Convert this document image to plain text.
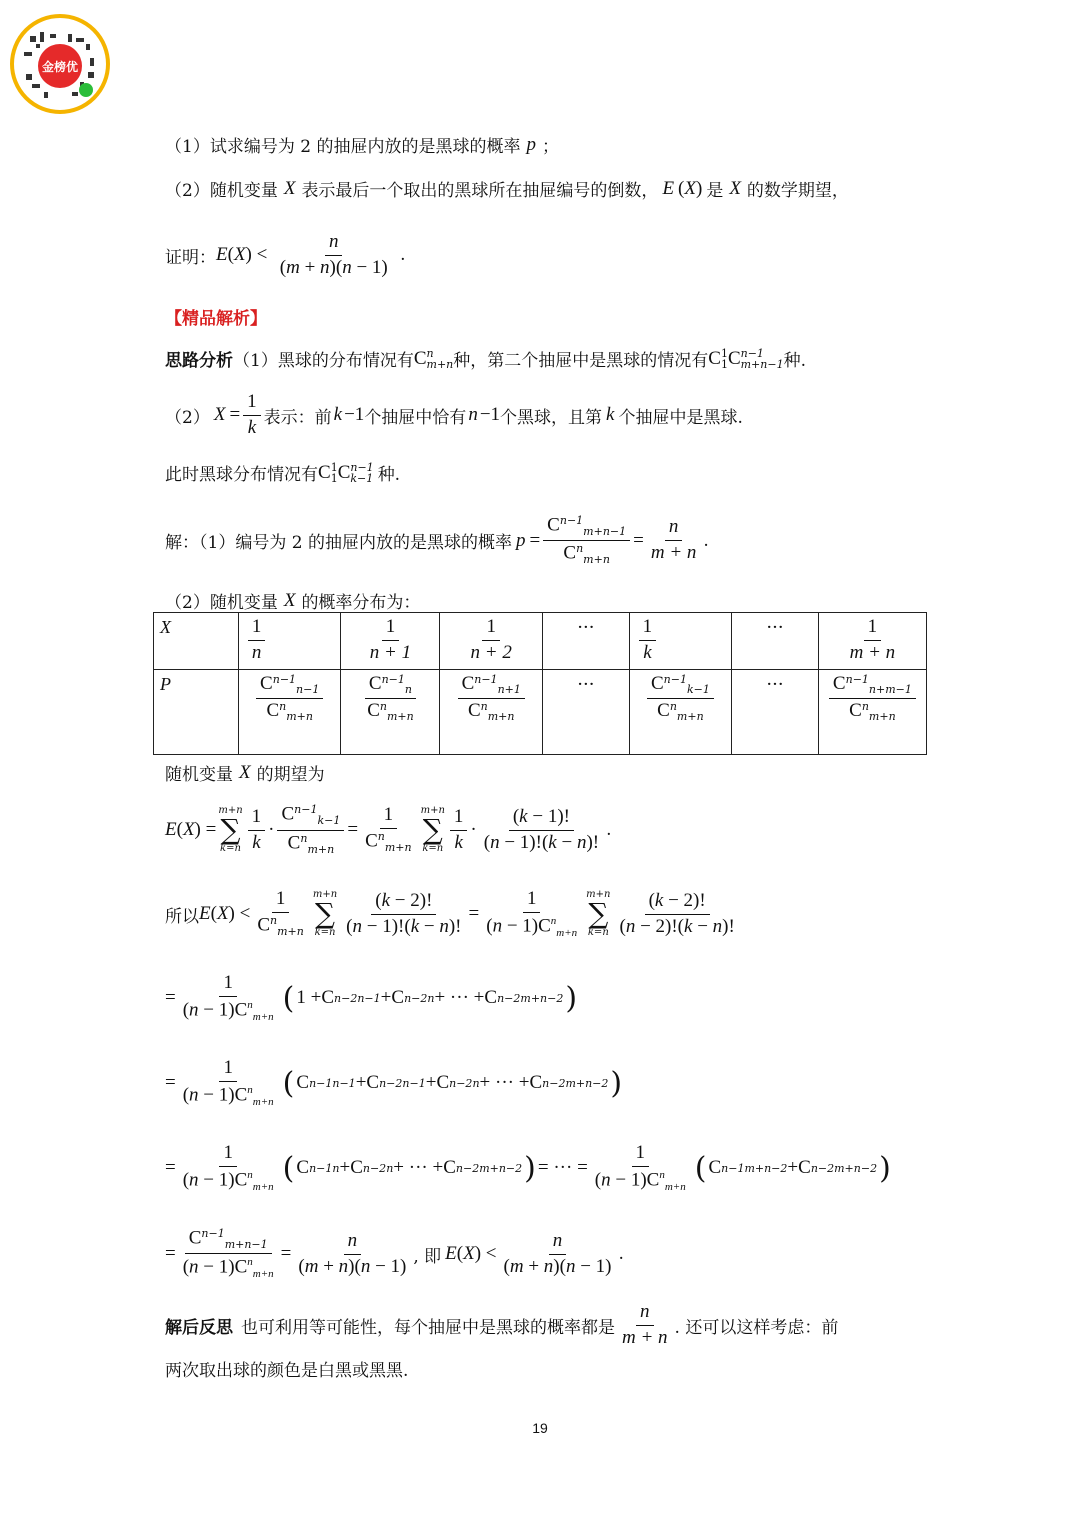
金榜优
（1）试求编号为 2 的抽屉内放的是黑球的概率 p ；
（2）随机变量 X 表示最后一个取出的黑球所在抽屉编号的倒数， E ( X ) 是 X 的数学期望，
证明： $E(X) < \frac{n}{(m + n)(n - 1)}$ .
【精品解析】
思路分析 （1）黑球的分布情况有 C n
m+n 种，第二个抽屉中是黑球的情况有 C 1
1 C n−1
m+n−1 种.
（2） $X = \frac{1}{k}$ 表示：前 k −1 个抽屉中恰有 n −1 个黑球，且第 k 个抽屉中是黑球.
此时黑球分布情况有 C 1
1 C n−1
k−1 种.
解：（1）编号为 2 的抽屉内放的是黑球的概率 $p = \frac{C^{n-1}_{m+n-1}}{C^n_{m+n}} = \frac{n}{m + n}$ .
（2）随机变量 X 的概率分布为：
X	$\frac{1}{n}$	$\frac{1}{n + 1}$	$\frac{1}{n + 2}$	···	$\frac{1}{k}$	···	$\frac{1}{m + n}$

P	$\frac{C^{n-1}_{n-1}}{C^n_{m+n}}$	$\frac{C^{n-1}_n}{C^n_{m+n}}$	$\frac{C^{n-1}_{n+1}}{C^n_{m+n}}$	···	$\frac{C^{n-1}_{k-1}}{C^n_{m+n}}$	···	$\frac{C^{n-1}_{n+m-1}}{C^n_{m+n}}$
随机变量 X 的期望为
E ( X ) =
m+n
∑
$k=n \frac{1}{k} \cdot \frac{C^{n-1}_{k-1}}{C^n_{m+n}} = \frac{1}{C^n_{m+n}} m+n$
∑
$k=n \frac{1}{k} \cdot \frac{(k - 1)!}{(n - 1)!(k - n)!}$ .
所以 E ( X ) < $\frac{1}{C^n_{m+n}} m+n$
∑
$k=n \frac{(k - 2)!}{(n - 1)!(k - n)!} = \frac{1}{(n - 1)C^n_{m+n}} m+n$
∑
$k=n \frac{(k - 2)!}{(n - 2)!(k - n)!}$
= $\frac{1}{(n - 1)C^n_{m+n}}$ ( 1 + C n−2 n−1 + C n−2 n + ··· + C n−2 m+n−2 )
= $\frac{1}{(n - 1)C^n_{m+n}}$ ( C n−1 n−1 + C n−2 n−1 + C n−2 n + ··· + C n−2 m+n−2 )
= $\frac{1}{(n - 1)C^n_{m+n}}$ ( C n−1 n + C n−2 n + ··· + C n−2 m+n−2 ) = ··· = $\frac{1}{(n - 1)C^n_{m+n}}$ ( C n−1 m+n−2 + C n−2 m+n−2 )
= $\frac{C^{n-1}_{m+n-1}}{(n - 1)C^n_{m+n}} = \frac{n}{(m + n)(n - 1)}$ , 即 E ( X ) < $\frac{n}{(m + n)(n - 1)}$ .
解后反思 也可利用等可能性，每个抽屉中是黑球的概率都是 $\frac{n}{m + n}$ . 还可以这样考虑：前
两次取出球的颜色是白黑或黑黑.
19
